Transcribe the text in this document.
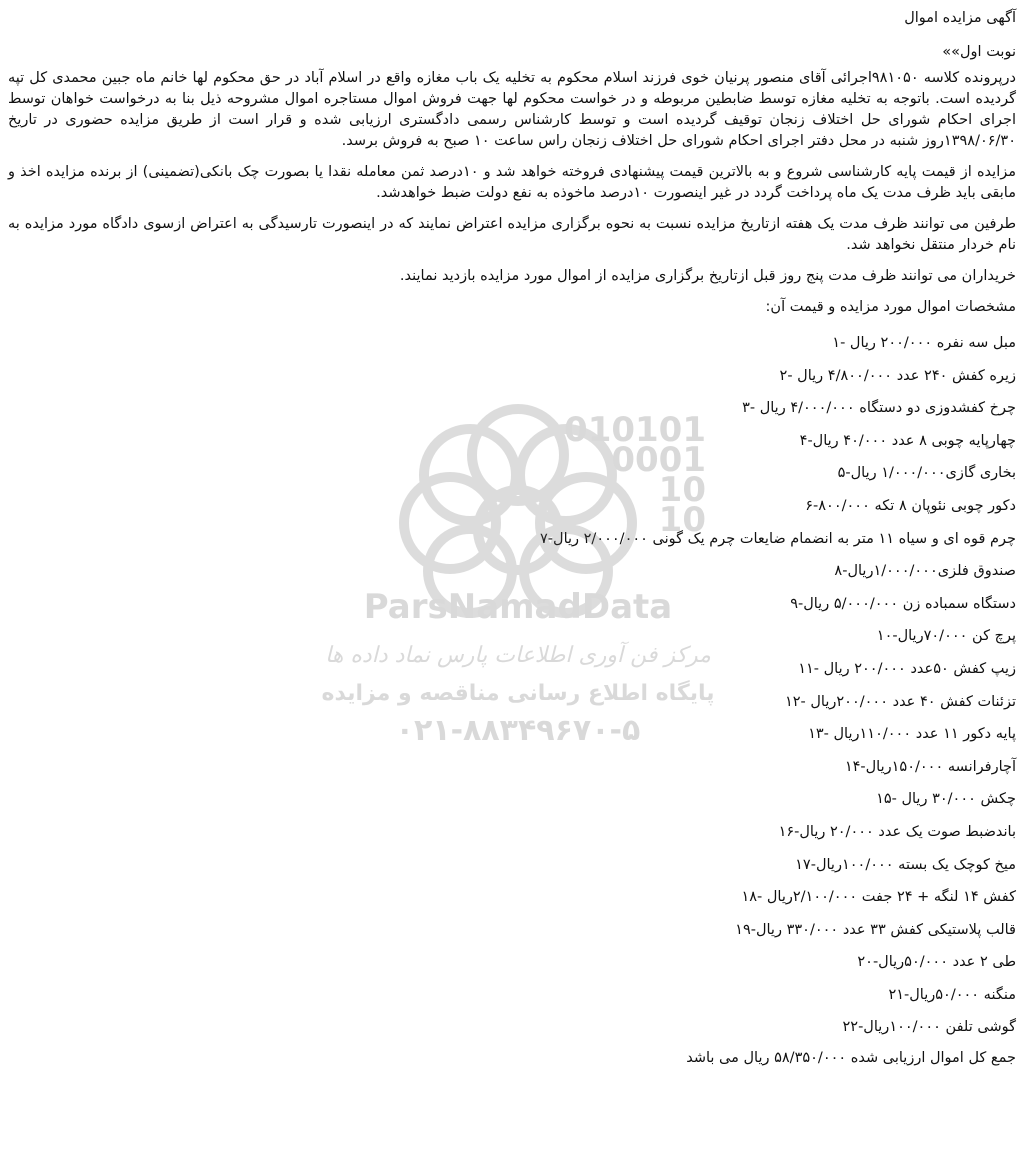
آگهی مزایده اموال
نوبت اول»»

درپرونده کلاسه ۹۸۱۰۵۰اجرائی آقای منصور پرنیان خوی فرزند اسلام محکوم به تخلیه یک باب مغازه واقع در اسلام آباد در حق محکوم لها خانم ماه جبین محمدی کل تپه گردیده است. باتوجه به تخلیه مغازه توسط ضابطین مربوطه و در خواست محکوم لها جهت فروش اموال مستاجره اموال مشروحه ذیل بنا به درخواست خواهان توسط اجرای احکام شورای حل اختلاف زنجان توقیف گردیده است و توسط کارشناس رسمی دادگستری ارزیابی شده و قرار است از طریق مزایده حضوری در تاریخ ۱۳۹۸/۰۶/۳۰روز شنبه در محل دفتر اجرای احکام شورای حل اختلاف زنجان راس ساعت ۱۰ صبح به فروش برسد.

مزایده از قیمت پایه کارشناسی شروع و به بالاترین قیمت پیشنهادی فروخته خواهد شد و ۱۰درصد ثمن معامله نقدا یا بصورت چک بانکی(تضمینی) از برنده مزایده اخذ و مابقی باید ظرف مدت یک ماه پرداخت گردد در غیر اینصورت ۱۰درصد ماخوذه به نفع دولت ضبط خواهدشد.

طرفین می توانند ظرف مدت یک هفته ازتاریخ مزایده نسبت به نحوه برگزاری مزایده اعتراض نمایند که در اینصورت تارسیدگی به اعتراض ازسوی دادگاه مورد مزایده به نام خردار منتقل نخواهد شد.

خریداران می توانند ظرف مدت پنج روز قبل ازتاریخ برگزاری مزایده از اموال مورد مزایده بازدید نمایند.

مشخصات اموال مورد مزایده و قیمت آن:
مبل سه نفره ۲۰۰/۰۰۰ ریال -۱
زیره کفش ۲۴۰ عدد ۴/۸۰۰/۰۰۰ ریال -۲
چرخ کفشدوزی دو دستگاه ۴/۰۰۰/۰۰۰ ریال -۳
چهارپایه چوبی ۸ عدد ۴۰/۰۰۰ ریال-۴
بخاری گازی۱/۰۰۰/۰۰۰ ریال-۵
دکور چوبی نئوپان ۸ تکه ۸۰۰/۰۰۰-۶
چرم قوه ای و سیاه ۱۱ متر به انضمام ضایعات چرم یک گونی ۲/۰۰۰/۰۰۰ ریال-۷
صندوق فلزی۱/۰۰۰/۰۰۰ریال-۸
دستگاه سمباده زن ۵/۰۰۰/۰۰۰ ریال-۹
پرچ کن ۷۰/۰۰۰ریال-۱۰
زیپ کفش ۵۰عدد ۲۰۰/۰۰۰ ریال -۱۱
تزئنات کفش ۴۰ عدد ۲۰۰/۰۰۰ریال -۱۲
پایه دکور ۱۱ عدد ۱۱۰/۰۰۰ریال -۱۳
آچارفرانسه ۱۵۰/۰۰۰ریال-۱۴
چکش ۳۰/۰۰۰ ریال -۱۵
باندضبط صوت یک عدد ۲۰/۰۰۰ ریال-۱۶
میخ کوچک یک بسته ۱۰۰/۰۰۰ریال-۱۷
کفش ۱۴ لنگه + ۲۴ جفت ۲/۱۰۰/۰۰۰ریال -۱۸
قالب پلاستیکی کفش ۳۳ عدد ۳۳۰/۰۰۰ ریال-۱۹
طی ۲ عدد ۵۰/۰۰۰ریال-۲۰
منگنه ۵۰/۰۰۰ریال-۲۱
گوشی تلفن ۱۰۰/۰۰۰ریال-۲۲
جمع کل اموال ارزیابی شده ۵۸/۳۵۰/۰۰۰ ریال می باشد
010101
0001
10
10
ParsNamadData
مرکز فن آوری اطلاعات پارس نماد داده ها
پایگاه اطلاع رسانی مناقصه و مزایده
۰۲۱-۸۸۳۴۹۶۷۰-۵
